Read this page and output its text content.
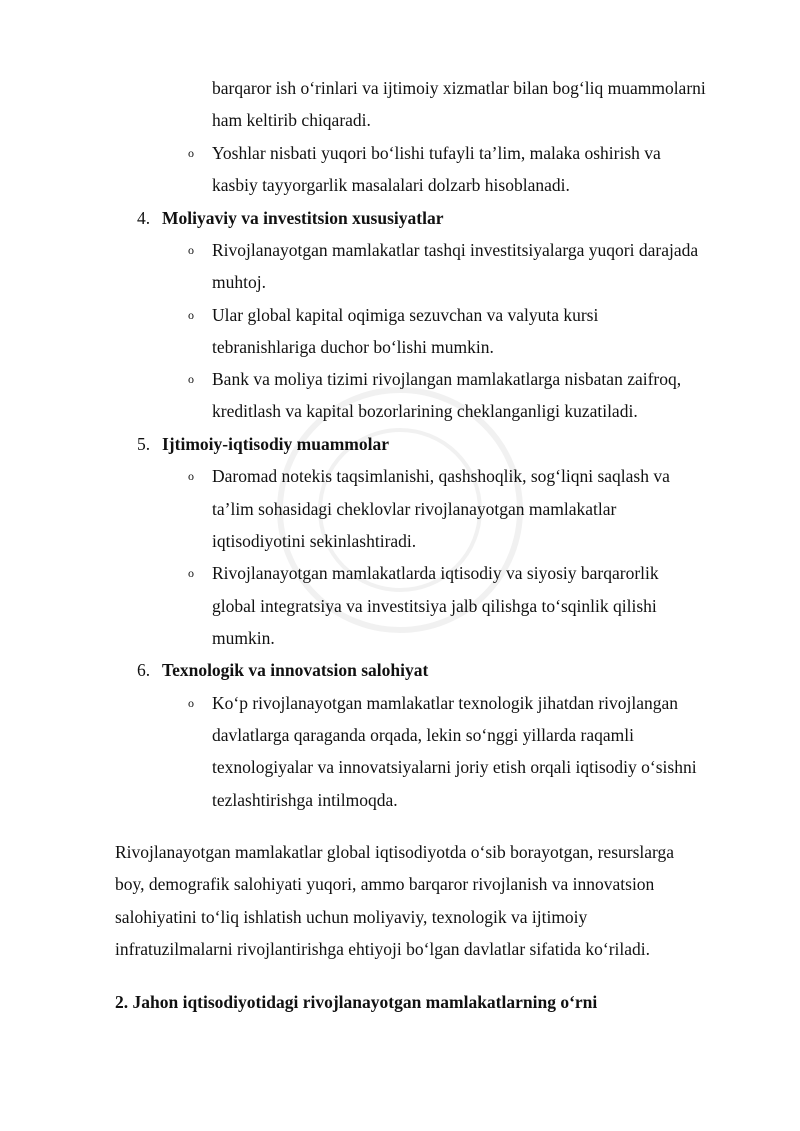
barqaror ish o‘rinlari va ijtimoiy xizmatlar bilan bog‘liq muammolarni
ham keltirib chiqaradi.
o Yoshlar nisbati yuqori bo‘lishi tufayli ta’lim, malaka oshirish va
kasbiy tayyorgarlik masalalari dolzarb hisoblanadi.
4. Moliyaviy va investitsion xususiyatlar
o Rivojlanayotgan mamlakatlar tashqi investitsiyalarga yuqori darajada
muhtoj.
o Ular global kapital oqimiga sezuvchan va valyuta kursi
tebranishlariga duchor bo‘lishi mumkin.
o Bank va moliya tizimi rivojlangan mamlakatlarga nisbatan zaifroq,
kreditlash va kapital bozorlarining cheklanganligi kuzatiladi.
5. Ijtimoiy-iqtisodiy muammolar
o Daromad notekis taqsimlanishi, qashshoqlik, sog‘liqni saqlash va
ta’lim sohasidagi cheklovlar rivojlanayotgan mamlakatlar
iqtisodiyotini sekinlashtiradi.
o Rivojlanayotgan mamlakatlarda iqtisodiy va siyosiy barqarorlik
global integratsiya va investitsiya jalb qilishga to‘sqinlik qilishi
mumkin.
6. Texnologik va innovatsion salohiyat
o Ko‘p rivojlanayotgan mamlakatlar texnologik jihatdan rivojlangan
davlatlarga qaraganda orqada, lekin so‘nggi yillarda raqamli
texnologiyalar va innovatsiyalarni joriy etish orqali iqtisodiy o‘sishni
tezlashtirishga intilmoqda.
Rivojlanayotgan mamlakatlar global iqtisodiyotda o‘sib borayotgan, resurslarga
boy, demografik salohiyati yuqori, ammo barqaror rivojlanish va innovatsion
salohiyatini to‘liq ishlatish uchun moliyaviy, texnologik va ijtimoiy
infratuzilmalarni rivojlantirishga ehtiyoji bo‘lgan davlatlar sifatida ko‘riladi.
2. Jahon iqtisodiyotidagi rivojlanayotgan mamlakatlarning o‘rni
